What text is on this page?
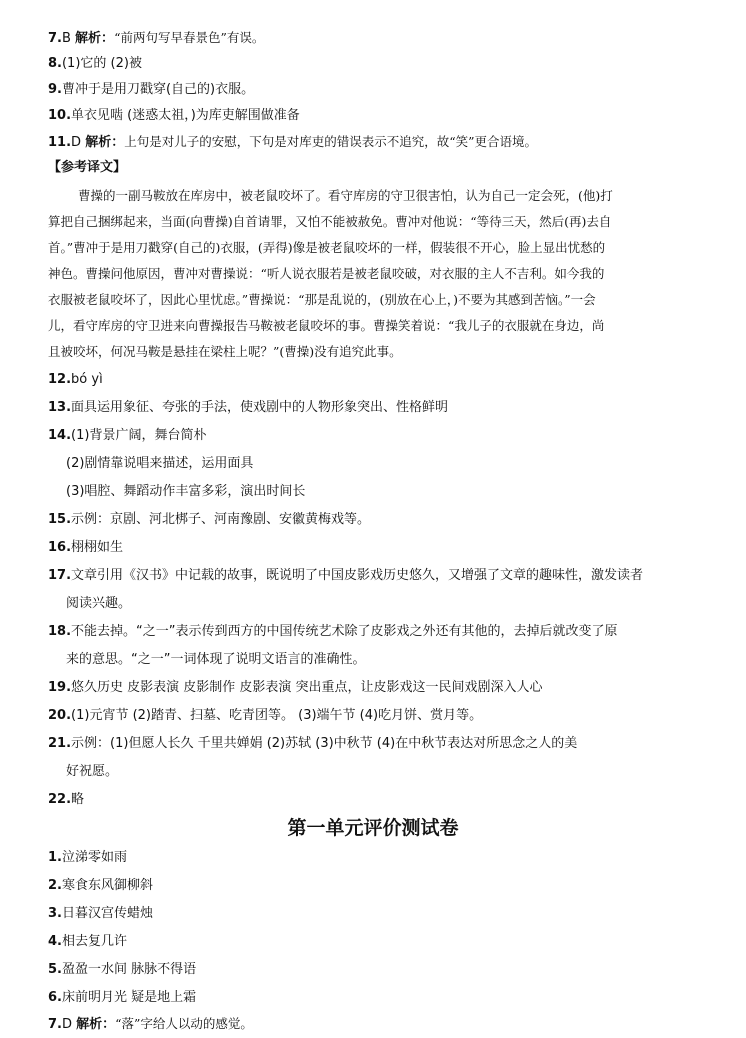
7.B 解析：“前两句写早春景色”有误。
8.(1)它的 (2)被
9.曹冲于是用刀戳穿(自己的)衣服。
10.单衣见啮 (迷惑太祖，)为库吏解围做准备
11.D 解析：上句是对儿子的安慰，下句是对库吏的错误表示不追究，故“笑”更合语境。
【参考译文】
曹操的一副马鞍放在库房中，被老鼠咬坏了。看守库房的守卫很害怕，认为自己一定会死，(他)打
算把自己捆绑起来，当面(向曹操)自首请罪，又怕不能被赦免。曹冲对他说：“等待三天，然后(再)去自
首。”曹冲于是用刀戳穿(自己的)衣服，(弄得)像是被老鼠咬坏的一样，假装很不开心，脸上显出忧愁的
神色。曹操问他原因，曹冲对曹操说：“听人说衣服若是被老鼠咬破，对衣服的主人不吉利。如今我的
衣服被老鼠咬坏了，因此心里忧虑。”曹操说：“那是乱说的，(别放在心上，)不要为其感到苦恼。”一会
儿，看守库房的守卫进来向曹操报告马鞍被老鼠咬坏的事。曹操笑着说：“我儿子的衣服就在身边，尚
且被咬坏，何况马鞍是悬挂在梁柱上呢？”(曹操)没有追究此事。
12.bó yì
13.面具运用象征、夸张的手法，使戏剧中的人物形象突出、性格鲜明
14.(1)背景广阔，舞台简朴
(2)剧情靠说唱来描述，运用面具
(3)唱腔、舞蹈动作丰富多彩，演出时间长
15.示例：京剧、河北梆子、河南豫剧、安徽黄梅戏等。
16.栩栩如生
17.文章引用《汉书》中记载的故事，既说明了中国皮影戏历史悠久，又增强了文章的趣味性，激发读者
阅读兴趣。
18.不能去掉。“之一”表示传到西方的中国传统艺术除了皮影戏之外还有其他的，去掉后就改变了原
来的意思。“之一”一词体现了说明文语言的准确性。
19.悠久历史 皮影表演 皮影制作 皮影表演 突出重点，让皮影戏这一民间戏剧深入人心
20.(1)元宵节 (2)踏青、扫墓、吃青团等。 (3)端午节 (4)吃月饼、赏月等。
21.示例：(1)但愿人长久 千里共婵娟 (2)苏轼 (3)中秋节 (4)在中秋节表达对所思念之人的美
好祝愿。
22.略
第一单元评价测试卷
1.泣涕零如雨
2.寒食东风御柳斜
3.日暮汉宫传蜡烛
4.相去复几许
5.盈盈一水间 脉脉不得语
6.床前明月光 疑是地上霜
7.D 解析：“落”字给人以动的感觉。
